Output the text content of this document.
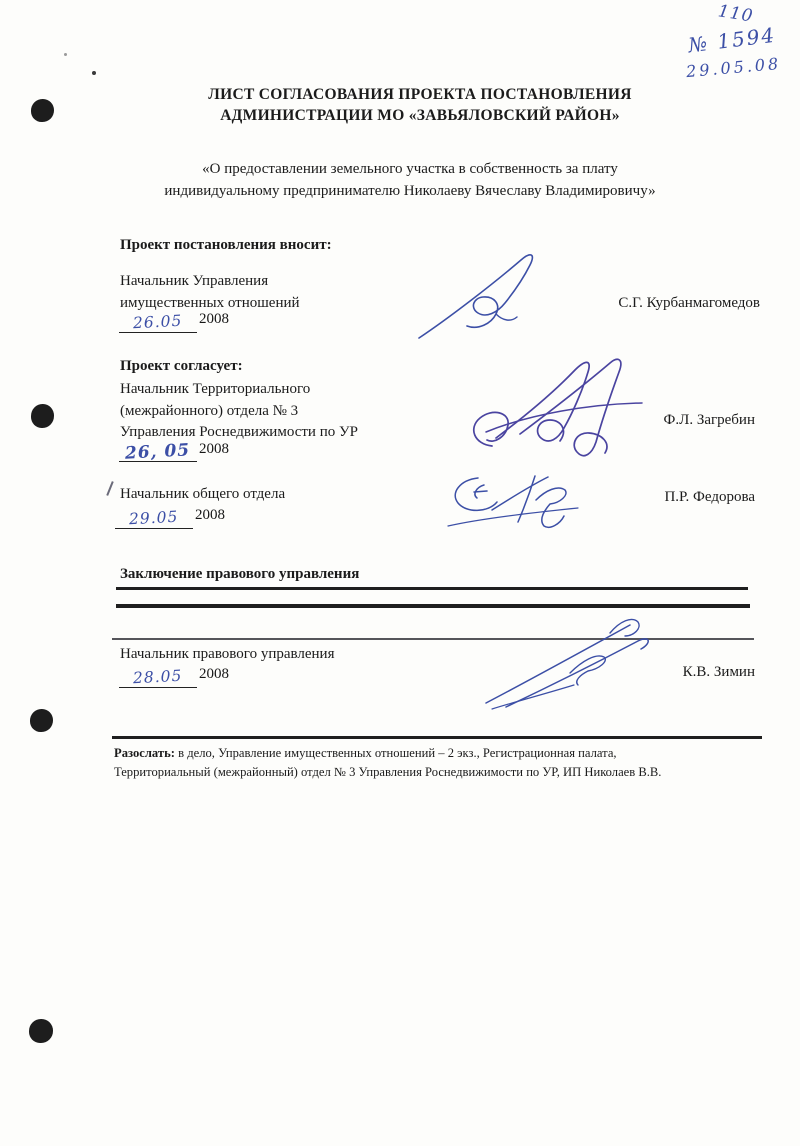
110
№ 1594
29.05.08
ЛИСТ СОГЛАСОВАНИЯ ПРОЕКТА ПОСТАНОВЛЕНИЯ
АДМИНИСТРАЦИИ МО «ЗАВЬЯЛОВСКИЙ РАЙОН»
«О предоставлении земельного участка в собственность за плату
индивидуальному предпринимателю Николаеву Вячеславу Владимировичу»
Проект постановления вносит:
Начальник Управления
имущественных отношений
26.05 2008
С.Г. Курбанмагомедов
Проект согласует:
Начальник Территориального
(межрайонного) отдела № 3
Управления Роснедвижимости по УР
26, 05 2008
Ф.Л. Загребин
Начальник общего отдела
29.05 2008
П.Р. Федорова
Заключение правового управления
Начальник правового управления
28.05 2008	К.В. Зимин
Разослать: в дело, Управление имущественных отношений – 2 экз., Регистрационная палата,
Территориальный (межрайонный) отдел № 3 Управления Роснедвижимости по УР, ИП Николаев В.В.
